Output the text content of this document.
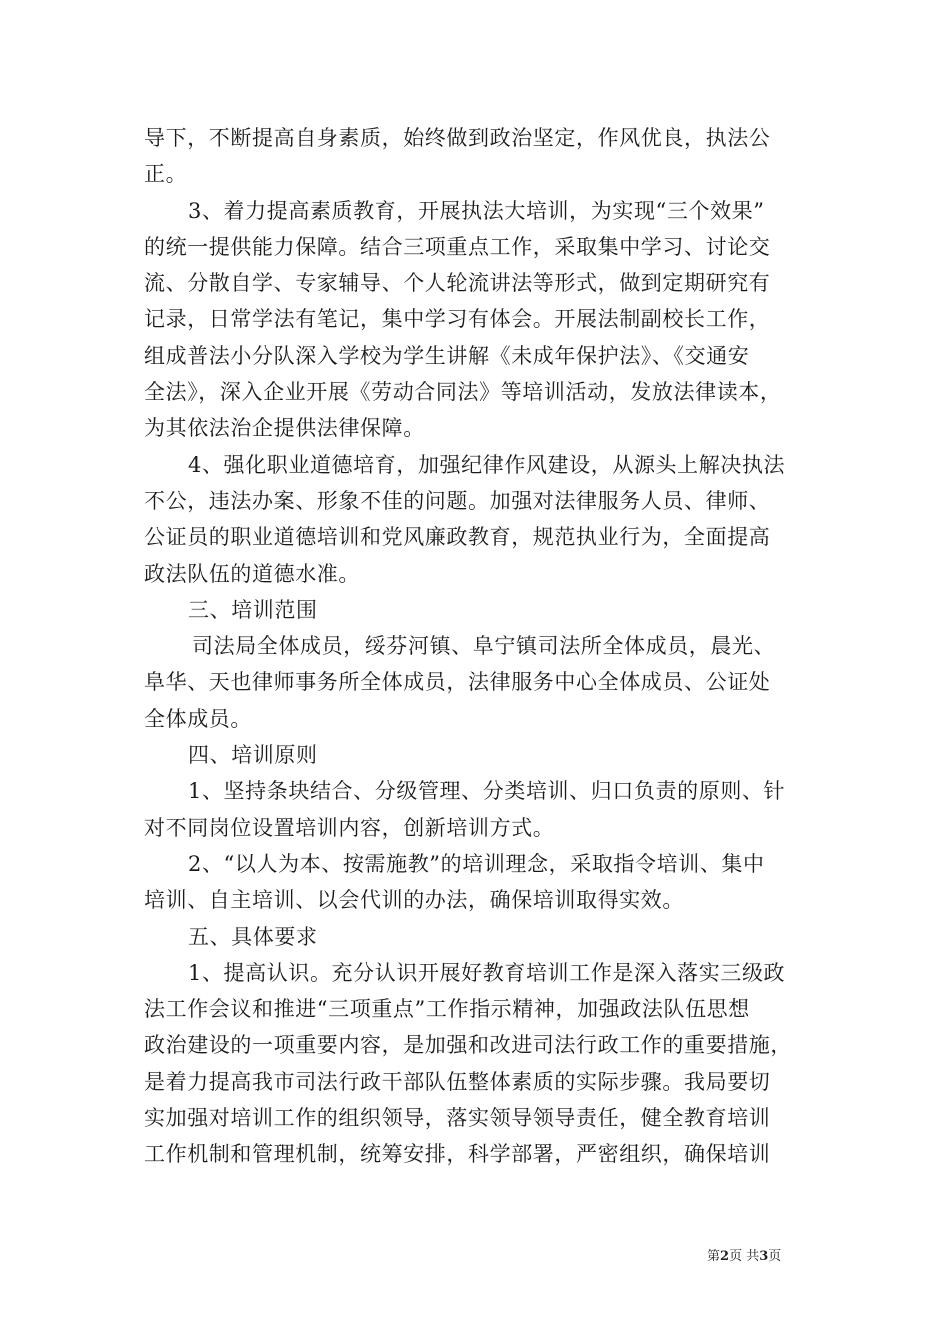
导下，不断提高自身素质，始终做到政治坚定，作风优良，执法公
正。
3、着力提高素质教育，开展执法大培训，为实现“三个效果”
的统一提供能力保障。结合三项重点工作，采取集中学习、讨论交
流、分散自学、专家辅导、个人轮流讲法等形式，做到定期研究有
记录，日常学法有笔记，集中学习有体会。开展法制副校长工作，
组成普法小分队深入学校为学生讲解《未成年保护法》、《交通安
全法》，深入企业开展《劳动合同法》等培训活动，发放法律读本，
为其依法治企提供法律保障。
4、强化职业道德培育，加强纪律作风建设，从源头上解决执法
不公，违法办案、形象不佳的问题。加强对法律服务人员、律师、
公证员的职业道德培训和党风廉政教育，规范执业行为，全面提高
政法队伍的道德水准。
三、培训范围
司法局全体成员，绥芬河镇、阜宁镇司法所全体成员，晨光、
阜华、天也律师事务所全体成员，法律服务中心全体成员、公证处
全体成员。
四、培训原则
1、坚持条块结合、分级管理、分类培训、归口负责的原则、针
对不同岗位设置培训内容，创新培训方式。
2、“以人为本、按需施教”的培训理念，采取指令培训、集中
培训、自主培训、以会代训的办法，确保培训取得实效。
五、具体要求
1、提高认识。充分认识开展好教育培训工作是深入落实三级政
法工作会议和推进“三项重点”工作指示精神，加强政法队伍思想
政治建设的一项重要内容，是加强和改进司法行政工作的重要措施，
是着力提高我市司法行政干部队伍整体素质的实际步骤。我局要切
实加强对培训工作的组织领导，落实领导领导责任，健全教育培训
工作机制和管理机制，统筹安排，科学部署，严密组织，确保培训
第2页 共3页
